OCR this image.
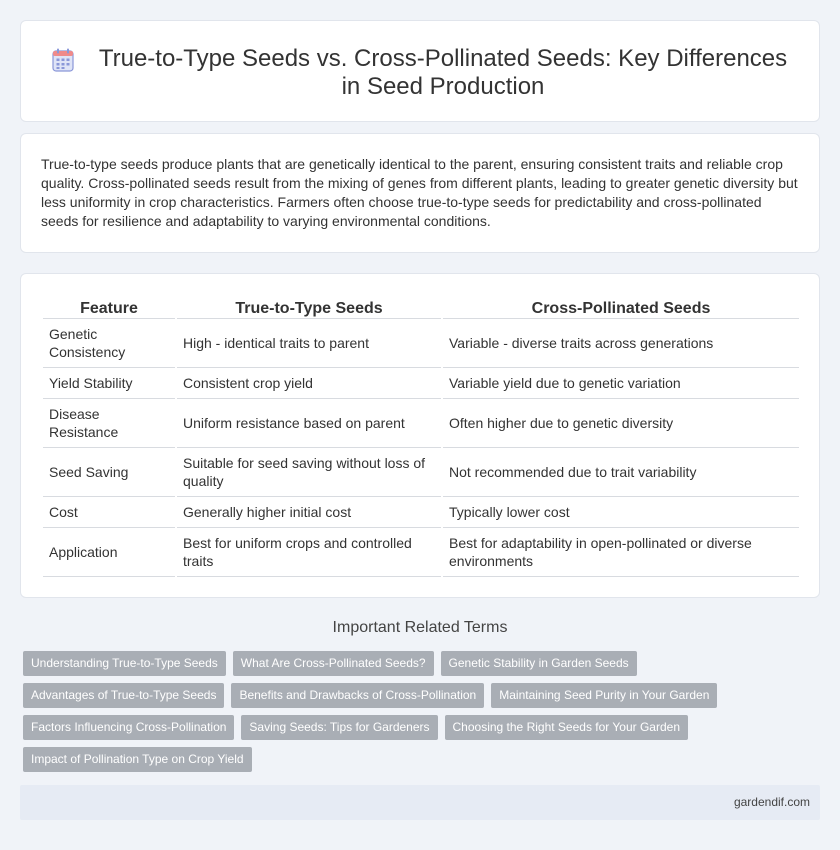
True-to-Type Seeds vs. Cross-Pollinated Seeds: Key Differences in Seed Production

True-to-type seeds produce plants that are genetically identical to the parent, ensuring consistent traits and reliable crop quality. Cross-pollinated seeds result from the mixing of genes from different plants, leading to greater genetic diversity but less uniformity in crop characteristics. Farmers often choose true-to-type seeds for predictability and cross-pollinated seeds for resilience and adaptability to varying environmental conditions.

Feature	True-to-Type Seeds	Cross-Pollinated Seeds
Genetic Consistency	High - identical traits to parent	Variable - diverse traits across generations
Yield Stability	Consistent crop yield	Variable yield due to genetic variation
Disease Resistance	Uniform resistance based on parent	Often higher due to genetic diversity
Seed Saving	Suitable for seed saving without loss of quality	Not recommended due to trait variability
Cost	Generally higher initial cost	Typically lower cost
Application	Best for uniform crops and controlled traits	Best for adaptability in open-pollinated or diverse environments
Important Related Terms
Understanding True-to-Type Seeds	What Are Cross-Pollinated Seeds?	Genetic Stability in Garden Seeds
Advantages of True-to-Type Seeds	Benefits and Drawbacks of Cross-Pollination	Maintaining Seed Purity in Your Garden
Factors Influencing Cross-Pollination	Saving Seeds: Tips for Gardeners	Choosing the Right Seeds for Your Garden
Impact of Pollination Type on Crop Yield
gardendif.com
